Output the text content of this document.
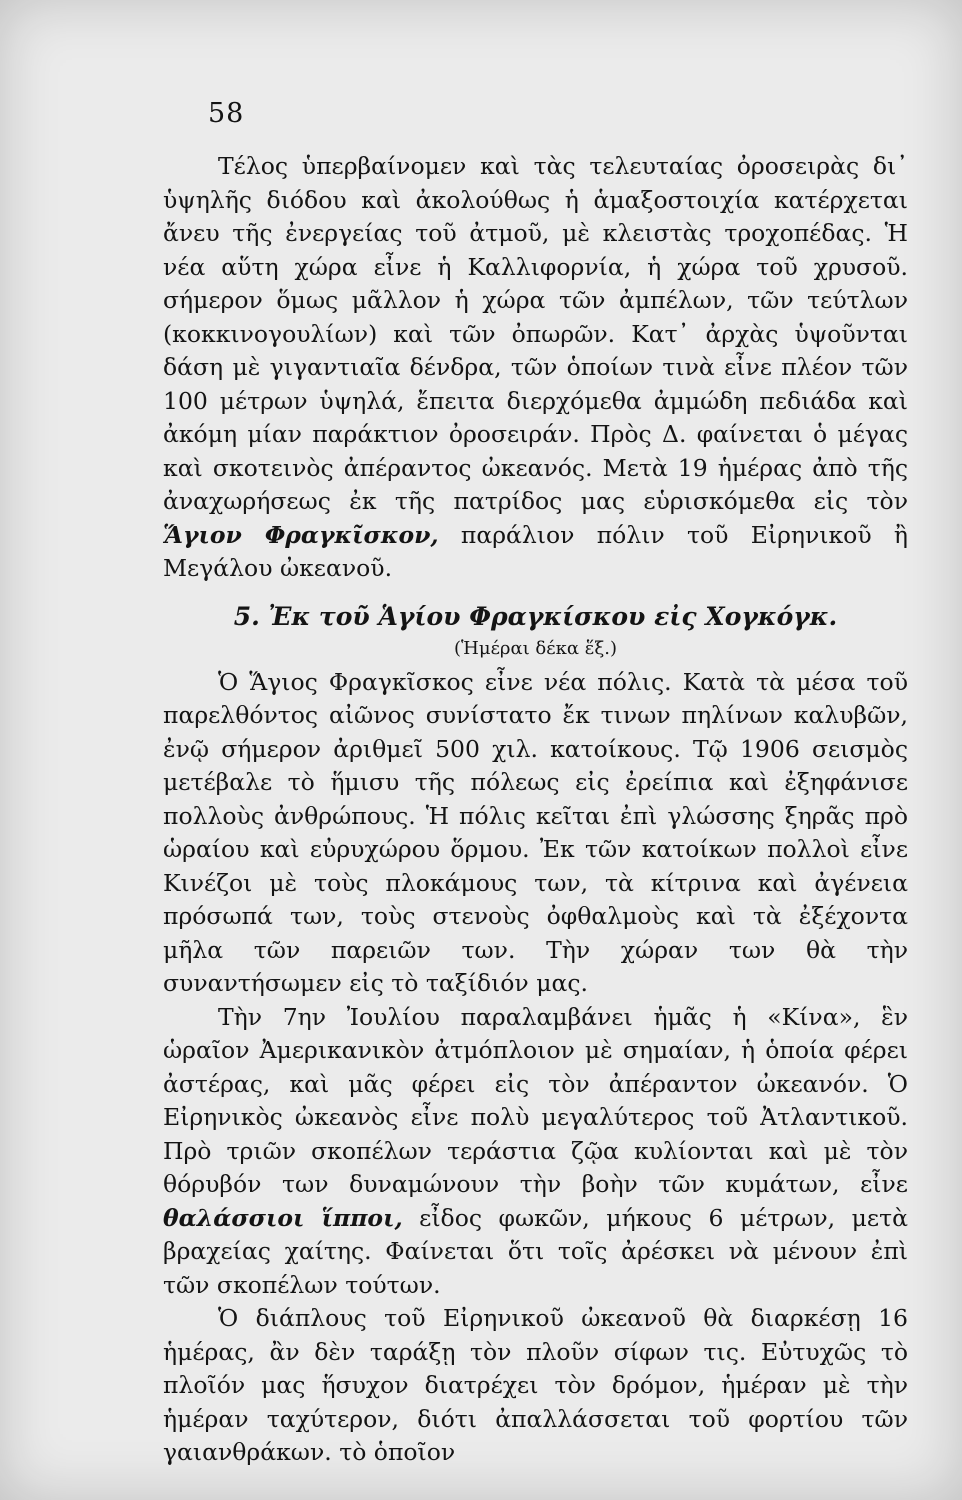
58

Τέλος ὑπερβαίνομεν καὶ τὰς τελευταίας ὀροσειρὰς δι᾽ ὑψηλῆς διόδου καὶ ἀκολούθως ἡ ἁμαξοστοιχία κατέρχεται ἄνευ τῆς ἐνεργείας τοῦ ἀτμοῦ, μὲ κλειστὰς τροχοπέδας. Ἡ νέα αὕτη χώρα εἶνε ἡ Καλλιφορνία, ἡ χώρα τοῦ χρυσοῦ. σήμερον ὅμως μᾶλλον ἡ χώρα τῶν ἀμπέλων, τῶν τεύτλων (κοκκινογουλίων) καὶ τῶν ὀπωρῶν. Κατ᾽ ἀρχὰς ὑψοῦνται δάση μὲ γιγαντιαῖα δένδρα, τῶν ὁποίων τινὰ εἶνε πλέον τῶν 100 μέτρων ὑψηλά, ἔπειτα διερχόμεθα ἀμμώδη πεδιάδα καὶ ἀκόμη μίαν παράκτιον ὀροσειράν. Πρὸς Δ. φαίνεται ὁ μέγας καὶ σκοτεινὸς ἀπέραντος ὠκεανός. Μετὰ 19 ἡμέρας ἀπὸ τῆς ἀναχωρήσεως ἐκ τῆς πατρίδος μας εὑρισκόμεθα εἰς τὸν Ἅγιον Φραγκῖσκον, παράλιον πόλιν τοῦ Εἰρηνικοῦ ἢ Μεγάλου ὠκεανοῦ.

5. Ἐκ τοῦ Ἁγίου Φραγκίσκου εἰς Χογκόγκ.

(Ἡμέραι δέκα ἕξ.)

Ὁ Ἅγιος Φραγκῖσκος εἶνε νέα πόλις. Κατὰ τὰ μέσα τοῦ παρελθόντος αἰῶνος συνίστατο ἔκ τινων πηλίνων καλυβῶν, ἐνῷ σήμερον ἀριθμεῖ 500 χιλ. κατοίκους. Τῷ 1906 σεισμὸς μετέβαλε τὸ ἥμισυ τῆς πόλεως εἰς ἐρείπια καὶ ἐξηφάνισε πολλοὺς ἀνθρώπους. Ἡ πόλις κεῖται ἐπὶ γλώσσης ξηρᾶς πρὸ ὡραίου καὶ εὐρυχώρου ὅρμου. Ἐκ τῶν κατοίκων πολλοὶ εἶνε Κινέζοι μὲ τοὺς πλοκάμους των, τὰ κίτρινα καὶ ἀγένεια πρόσωπά των, τοὺς στενοὺς ὀφθαλμοὺς καὶ τὰ ἐξέχοντα μῆλα τῶν παρειῶν των. Τὴν χώραν των θὰ τὴν συναντήσωμεν εἰς τὸ ταξίδιόν μας.

Τὴν 7ην Ἰουλίου παραλαμβάνει ἡμᾶς ἡ «Κίνα», ἓν ὡραῖον Ἀμερικανικὸν ἀτμόπλοιον μὲ σημαίαν, ἡ ὁποία φέρει ἀστέρας, καὶ μᾶς φέρει εἰς τὸν ἀπέραντον ὠκεανόν. Ὁ Εἰρηνικὸς ὠκεανὸς εἶνε πολὺ μεγαλύτερος τοῦ Ἀτλαντικοῦ. Πρὸ τριῶν σκοπέλων τεράστια ζῷα κυλίονται καὶ μὲ τὸν θόρυβόν των δυναμώνουν τὴν βοὴν τῶν κυμάτων, εἶνε θαλάσσιοι ἵπποι, εἶδος φωκῶν, μήκους 6 μέτρων, μετὰ βραχείας χαίτης. Φαίνεται ὅτι τοῖς ἀρέσκει νὰ μένουν ἐπὶ τῶν σκοπέλων τούτων.

Ὁ διάπλους τοῦ Εἰρηνικοῦ ὠκεανοῦ θὰ διαρκέσῃ 16 ἡμέρας, ἂν δὲν ταράξῃ τὸν πλοῦν σίφων τις. Εὐτυχῶς τὸ πλοῖόν μας ἥσυχον διατρέχει τὸν δρόμον, ἡμέραν μὲ τὴν ἡμέραν ταχύτερον, διότι ἀπαλλάσσεται τοῦ φορτίου τῶν γαιανθράκων. τὸ ὁποῖον
